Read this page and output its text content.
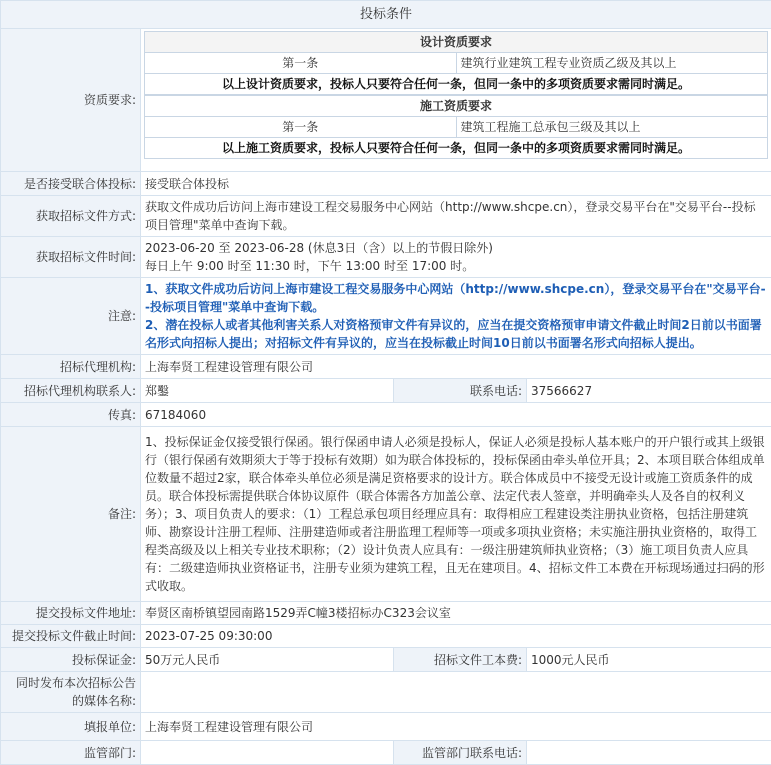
投标条件
资质要求:	
设计资质要求
第一条	建筑行业建筑工程专业资质乙级及其以上
以上设计资质要求，投标人只要符合任何一条，但同一条中的多项资质要求需同时满足。
施工资质要求
第一条	建筑工程施工总承包三级及其以上
以上施工资质要求，投标人只要符合任何一条，但同一条中的多项资质要求需同时满足。

是否接受联合体投标:	接受联合体投标
获取招标文件方式:	获取文件成功后访问上海市建设工程交易服务中心网站（http://www.shcpe.cn），登录交易平台在"交易平台--投标项目管理"菜单中查询下载。
获取招标文件时间:	
2023-06-20 至 2023-06-28 (休息3日（含）以上的节假日除外)
每日上午 9:00 时至 11:30 时，下午 13:00 时至 17:00 时。

注意:	
1、获取文件成功后访问上海市建设工程交易服务中心网站（http://www.shcpe.cn），登录交易平台在"交易平台--投标项目管理"菜单中查询下载。
2、潜在投标人或者其他利害关系人对资格预审文件有异议的，应当在提交资格预审申请文件截止时间2日前以书面署名形式向招标人提出；对招标文件有异议的，应当在投标截止时间10日前以书面署名形式向招标人提出。

招标代理机构:	上海奉贤工程建设管理有限公司
招标代理机构联系人:	郑鑿	联系电话:	37566627
传真:	67184060
备注:	1、投标保证金仅接受银行保函。银行保函申请人必须是投标人，保证人必须是投标人基本账户的开户银行或其上级银行（银行保函有效期须大于等于投标有效期）如为联合体投标的，投标保函由牵头单位开具；2、本项目联合体组成单位数量不超过2家，联合体牵头单位必须是满足资格要求的设计方。联合体成员中不接受无设计或施工资质条件的成员。联合体投标需提供联合体协议原件（联合体需各方加盖公章、法定代表人签章，并明确牵头人及各自的权利义务）；3、项目负责人的要求：（1）工程总承包项目经理应具有：取得相应工程建设类注册执业资格，包括注册建筑师、勘察设计注册工程师、注册建造师或者注册监理工程师等一项或多项执业资格；未实施注册执业资格的，取得工程类高级及以上相关专业技术职称；（2）设计负责人应具有：一级注册建筑师执业资格；（3）施工项目负责人应具有：二级建造师执业资格证书，注册专业须为建筑工程，且无在建项目。4、招标文件工本费在开标现场通过扫码的形式收取。
提交投标文件地址:	奉贤区南桥镇望园南路1529弄C幢3楼招标办C323会议室
提交投标文件截止时间:	2023-07-25 09:30:00
投标保证金:	50万元人民币	招标文件工本费:	1000元人民币
同时发布本次招标公告的媒体名称:	
填报单位:	上海奉贤工程建设管理有限公司
监管部门:		监管部门联系电话:	
